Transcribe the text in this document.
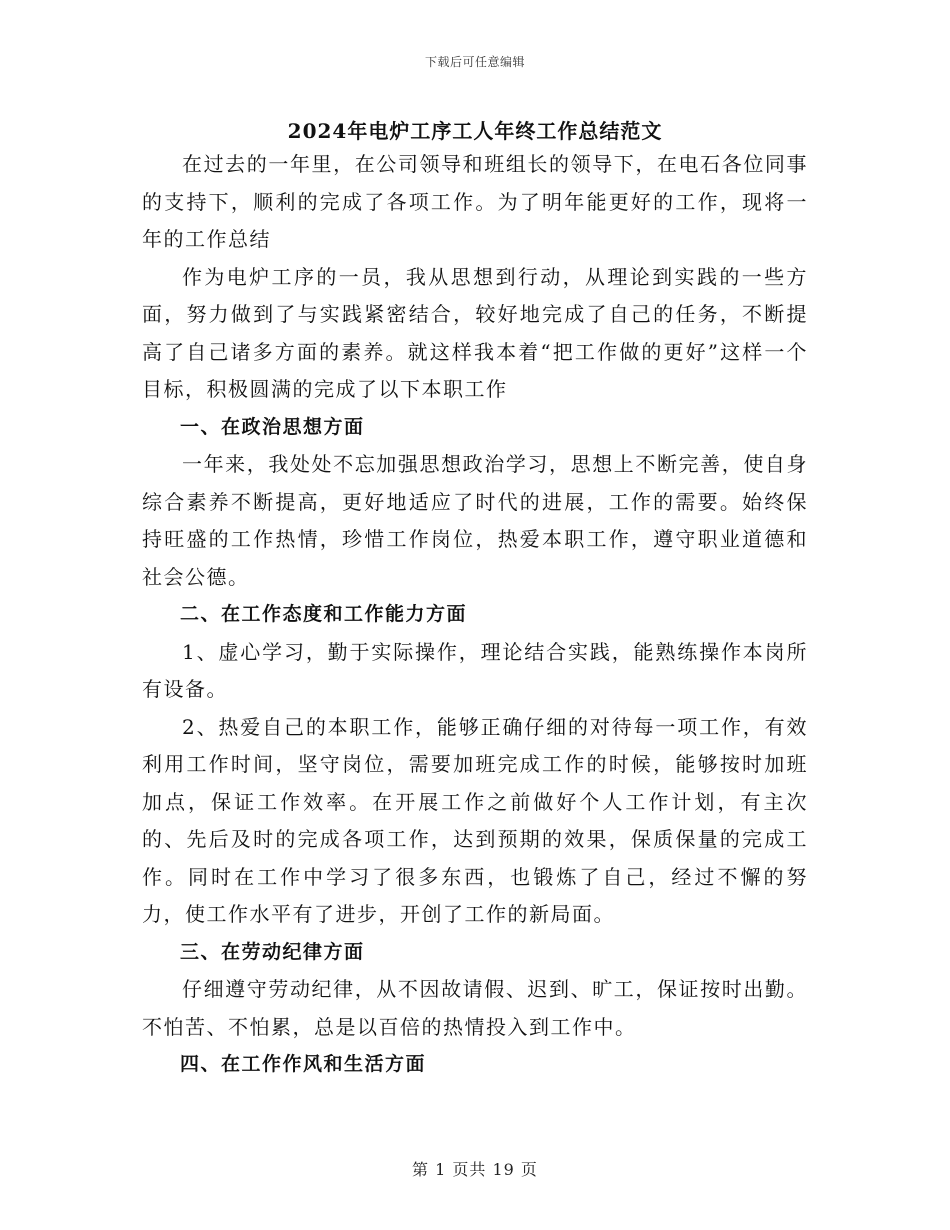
下载后可任意编辑
2024年电炉工序工人年终工作总结范文

在过去的一年里，在公司领导和班组长的领导下，在电石各位同事的支持下，顺利的完成了各项工作。为了明年能更好的工作，现将一年的工作总结

作为电炉工序的一员，我从思想到行动，从理论到实践的一些方面，努力做到了与实践紧密结合，较好地完成了自己的任务，不断提高了自己诸多方面的素养。就这样我本着“把工作做的更好”这样一个目标，积极圆满的完成了以下本职工作

一、在政治思想方面

一年来，我处处不忘加强思想政治学习，思想上不断完善，使自身综合素养不断提高，更好地适应了时代的进展，工作的需要。始终保持旺盛的工作热情，珍惜工作岗位，热爱本职工作，遵守职业道德和社会公德。

二、在工作态度和工作能力方面

1、虚心学习，勤于实际操作，理论结合实践，能熟练操作本岗所有设备。

2、热爱自己的本职工作，能够正确仔细的对待每一项工作，有效利用工作时间，坚守岗位，需要加班完成工作的时候，能够按时加班加点，保证工作效率。在开展工作之前做好个人工作计划，有主次的、先后及时的完成各项工作，达到预期的效果，保质保量的完成工作。同时在工作中学习了很多东西，也锻炼了自己，经过不懈的努力，使工作水平有了进步，开创了工作的新局面。

三、在劳动纪律方面

仔细遵守劳动纪律，从不因故请假、迟到、旷工，保证按时出勤。不怕苦、不怕累，总是以百倍的热情投入到工作中。

四、在工作作风和生活方面

第 1 页共 19 页
